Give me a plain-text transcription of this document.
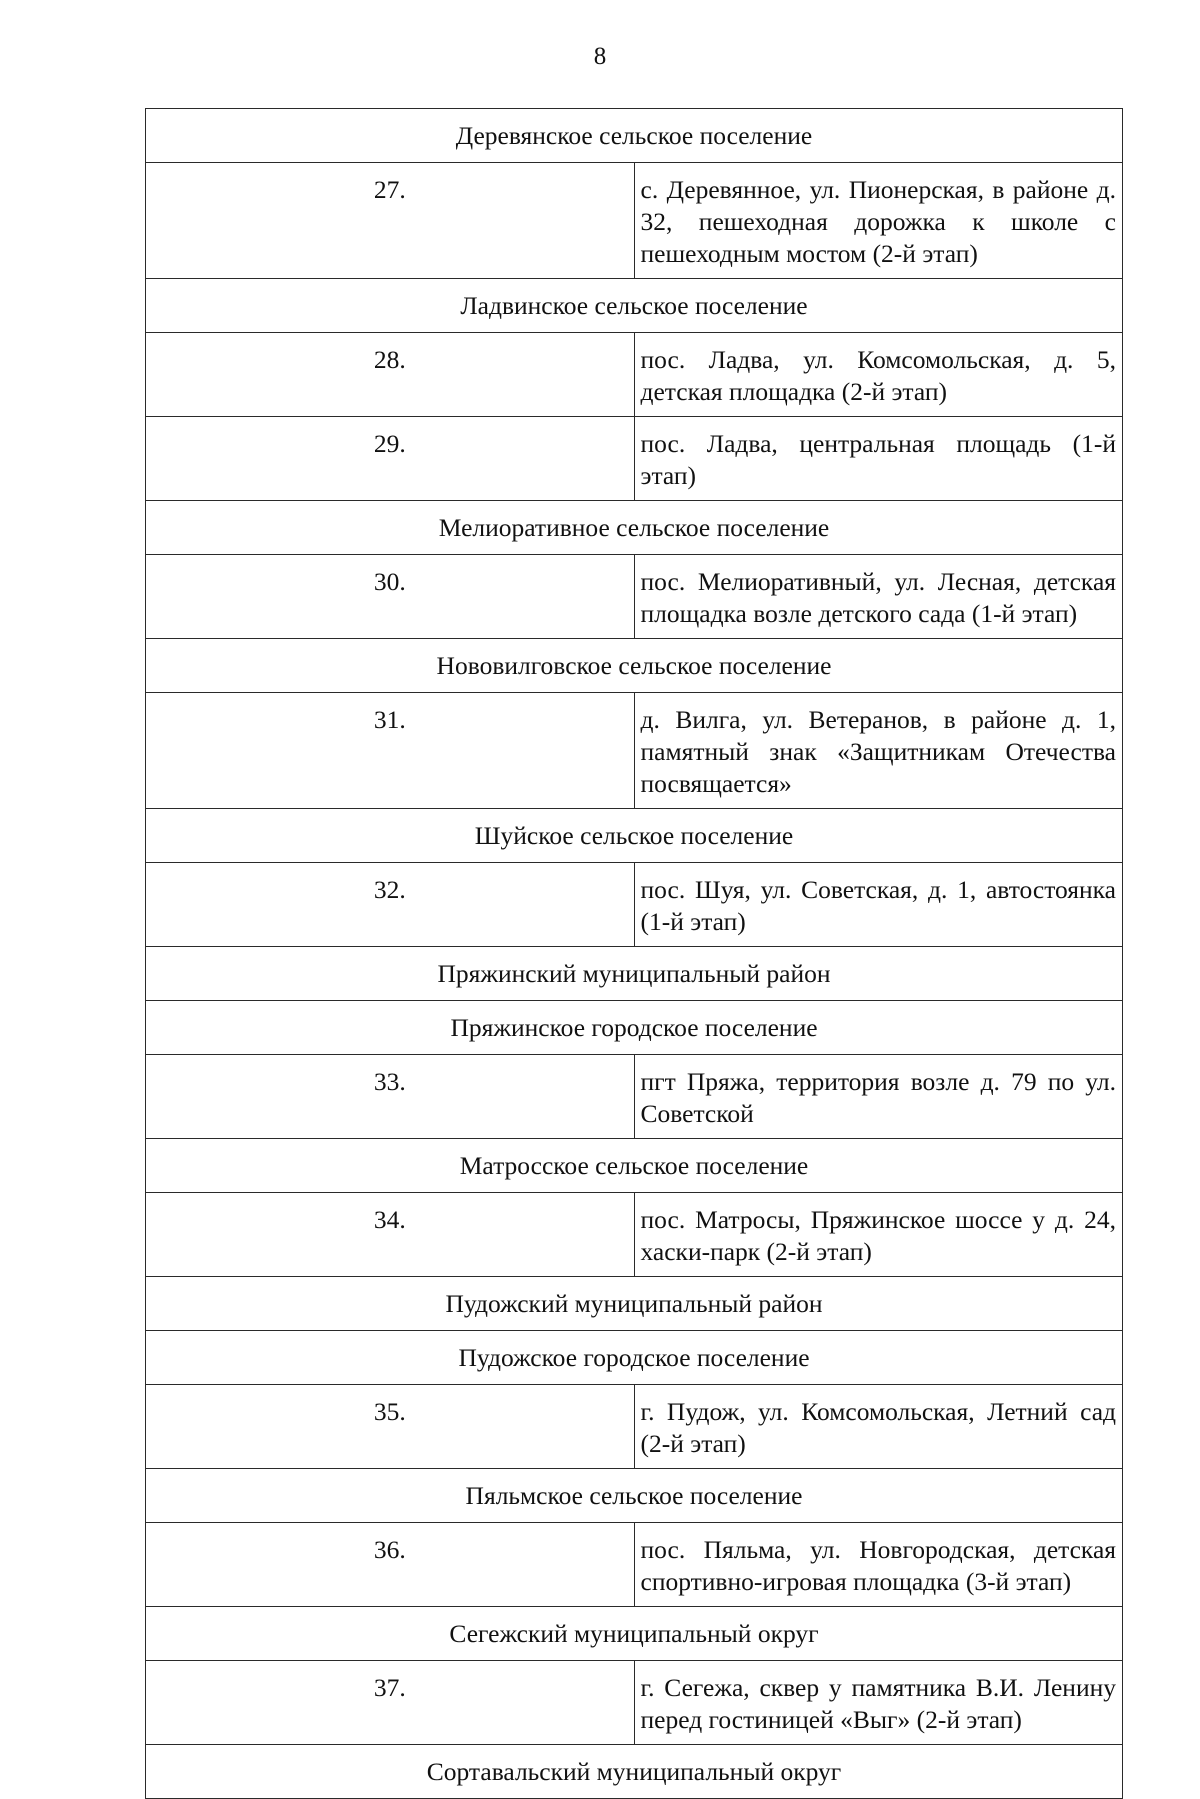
8
Деревянское сельское поселение	
27.	с. Деревянное, ул. Пионерская, в районе д. 32, пешеходная дорожка к школе с пешеходным мостом (2-й этап)
Ладвинское сельское поселение	
28.	пос. Ладва, ул. Комсомольская, д. 5, детская площадка (2-й этап)
29.	пос. Ладва, центральная площадь (1-й этап)
Мелиоративное сельское поселение	
30.	пос. Мелиоративный, ул. Лесная, детская площадка возле детского сада (1-й этап)
Нововилговское сельское поселение	
31.	д. Вилга, ул. Ветеранов, в районе д. 1, памятный знак «Защитникам Отечества посвящается»
Шуйское сельское поселение	
32.	пос. Шуя, ул. Советская, д. 1, автостоянка (1-й этап)
Пряжинский муниципальный район	
Пряжинское городское поселение	
33.	пгт Пряжа, территория возле д. 79 по ул. Советской
Матросское сельское поселение	
34.	пос. Матросы, Пряжинское шоссе у д. 24, хаски-парк (2-й этап)
Пудожский муниципальный район	
Пудожское городское поселение	
35.	г. Пудож, ул. Комсомольская, Летний сад (2-й этап)
Пяльмское сельское поселение	
36.	пос. Пяльма, ул. Новгородская, детская спортивно-игровая площадка (3-й этап)
Сегежский муниципальный округ	
37.	г. Сегежа, сквер у памятника В.И. Ленину перед гостиницей «Выг» (2-й этап)
Сортавальский муниципальный округ	
